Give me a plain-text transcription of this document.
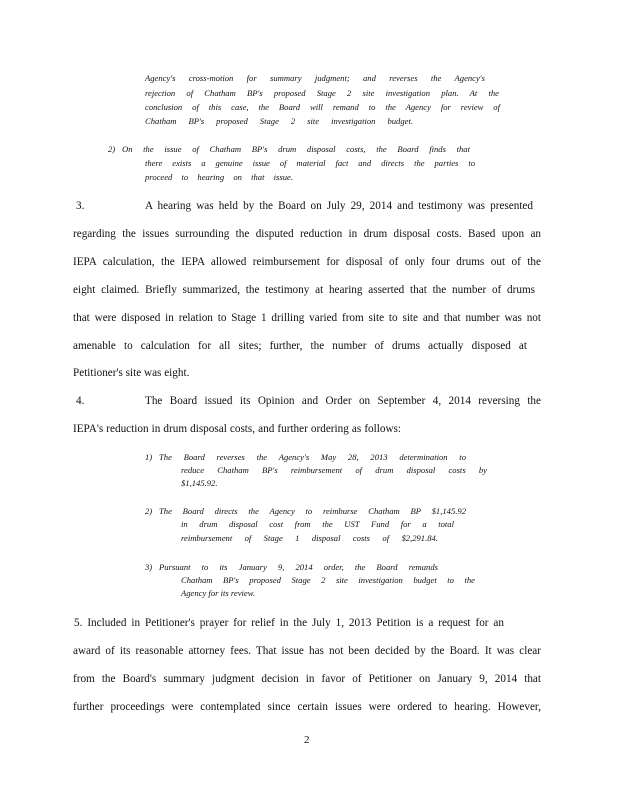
Agency's cross-motion for summary judgment; and reverses the Agency's
rejection of Chatham BP's proposed Stage 2 site investigation plan. At the
conclusion of this case, the Board will remand to the Agency for review of
Chatham BP's proposed Stage 2 site investigation budget.
2) On the issue of Chatham BP's drum disposal costs, the Board finds that
there exists a genuine issue of material fact and directs the parties to
proceed to hearing on that issue.
3.	A hearing was held by the Board on July 29, 2014 and testimony was presented
regarding the issues surrounding the disputed reduction in drum disposal costs. Based upon an
IEPA calculation, the IEPA allowed reimbursement for disposal of only four drums out of the
eight claimed. Briefly summarized, the testimony at hearing asserted that the number of drums
that were disposed in relation to Stage 1 drilling varied from site to site and that number was not
amenable to calculation for all sites; further, the number of drums actually disposed at
Petitioner's site was eight.
4.	The Board issued its Opinion and Order on September 4, 2014 reversing the
IEPA's reduction in drum disposal costs, and further ordering as follows:
1) The Board reverses the Agency's May 28, 2013 determination to
reduce Chatham BP's reimbursement of drum disposal costs by
$1,145.92.
2) The Board directs the Agency to reimburse Chatham BP $1,145.92
in drum disposal cost from the UST Fund for a total
reimbursement of Stage 1 disposal costs of $2,291.84.
3) Pursuant to its January 9, 2014 order, the Board remands
Chatham BP's proposed Stage 2 site investigation budget to the
Agency for its review.
5. Included in Petitioner's prayer for relief in the July 1, 2013 Petition is a request for an
award of its reasonable attorney fees. That issue has not been decided by the Board. It was clear
from the Board's summary judgment decision in favor of Petitioner on January 9, 2014 that
further proceedings were contemplated since certain issues were ordered to hearing. However,
2
